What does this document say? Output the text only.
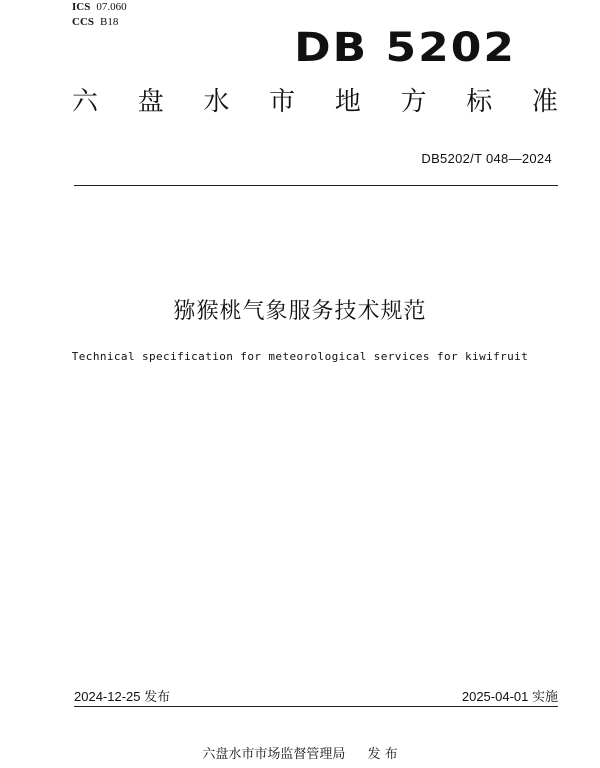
ICS 07.060
CCS B18
DB 5202
六 盘 水 市 地 方 标 准
DB5202/T 048—2024
猕猴桃气象服务技术规范
Technical specification for meteorological services for kiwifruit
2024-12-25 发布	2025-04-01 实施
六盘水市市场监督管理局 发 布
